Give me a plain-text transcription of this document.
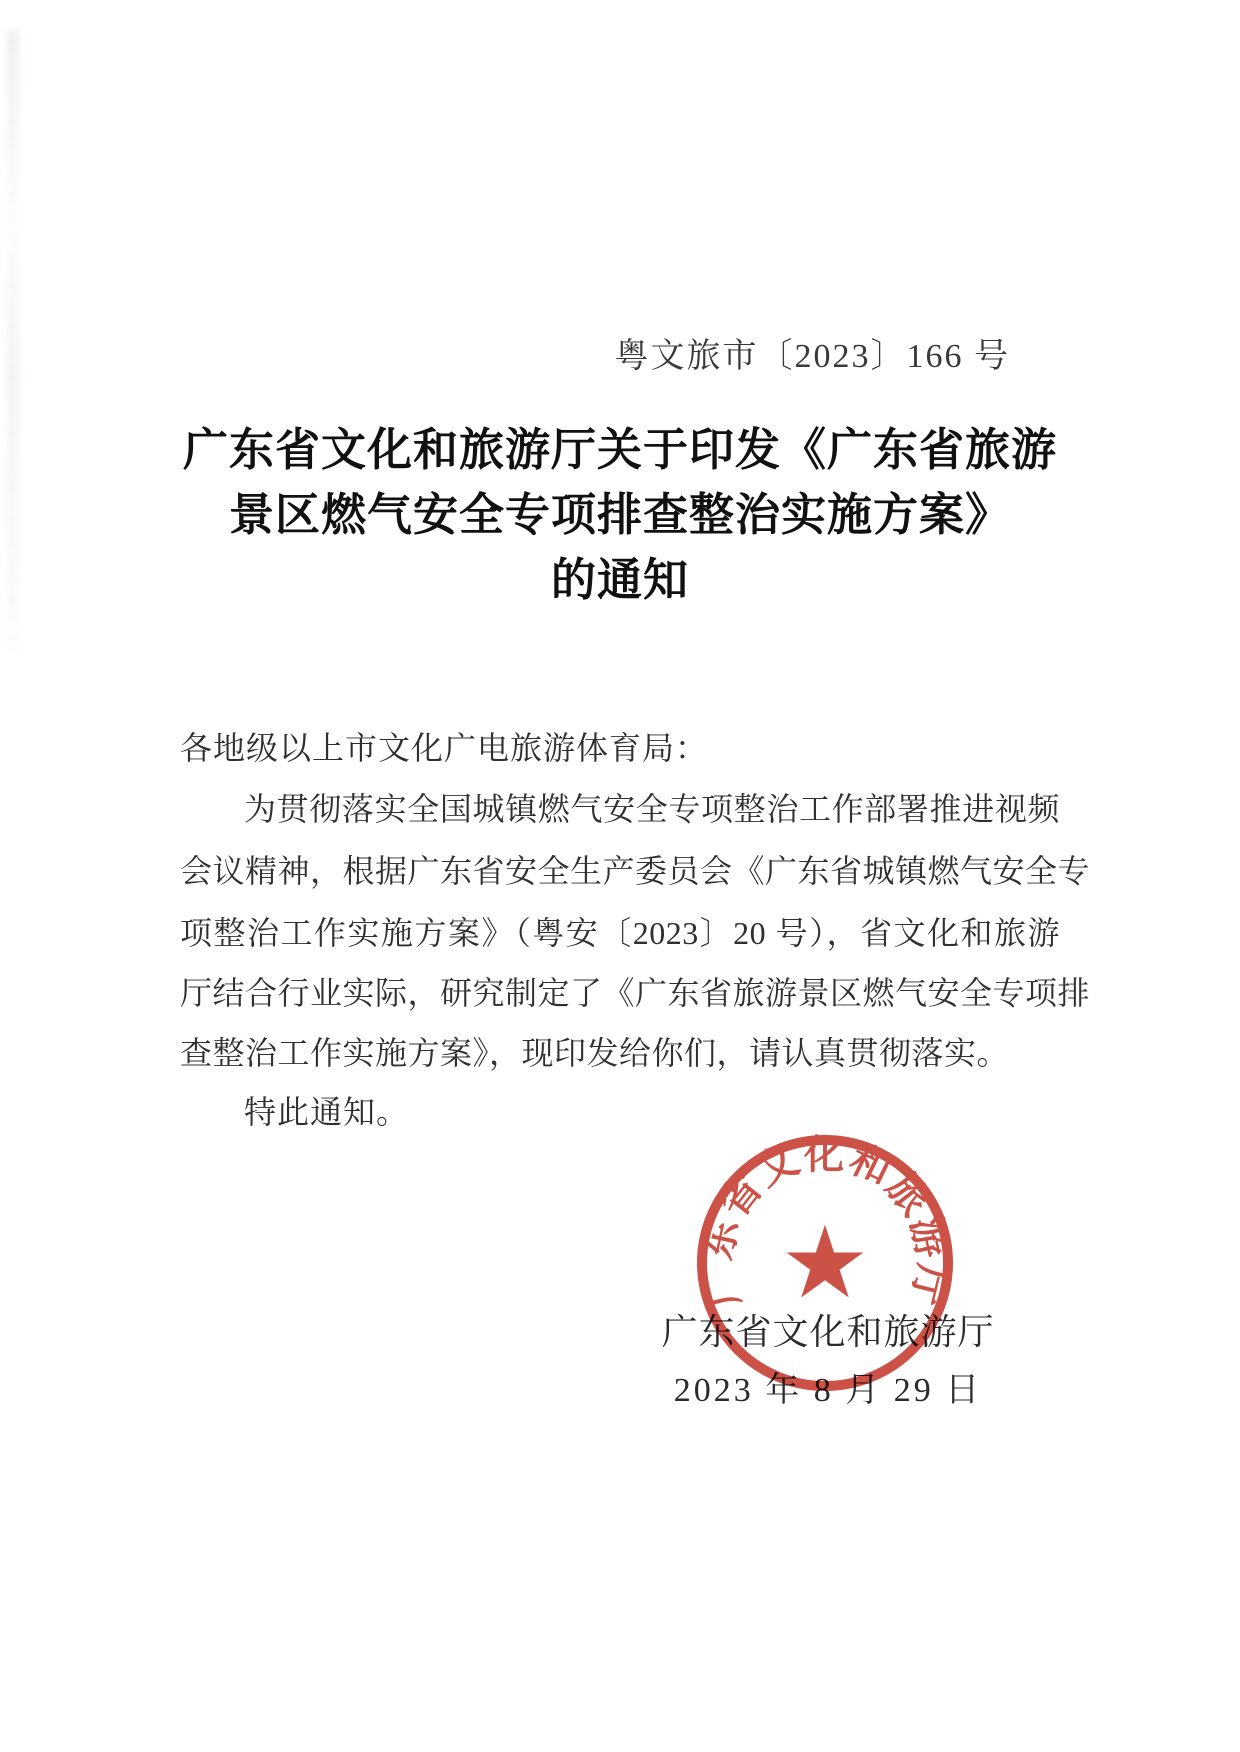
粤文旅市〔2023〕166 号
广东省文化和旅游厅关于印发《广东省旅游
景区燃气安全专项排查整治实施方案》
的通知
各地级以上市文化广电旅游体育局：
为贯彻落实全国城镇燃气安全专项整治工作部署推进视频
会议精神，根据广东省安全生产委员会《广东省城镇燃气安全专
项整治工作实施方案》（粤安〔2023〕20 号），省文化和旅游
厅结合行业实际，研究制定了《广东省旅游景区燃气安全专项排
查整治工作实施方案》，现印发给你们，请认真贯彻落实。
特此通知。
广东省文化和旅游厅
2023 年 8 月 29 日
广东省文化和旅游厅
★
